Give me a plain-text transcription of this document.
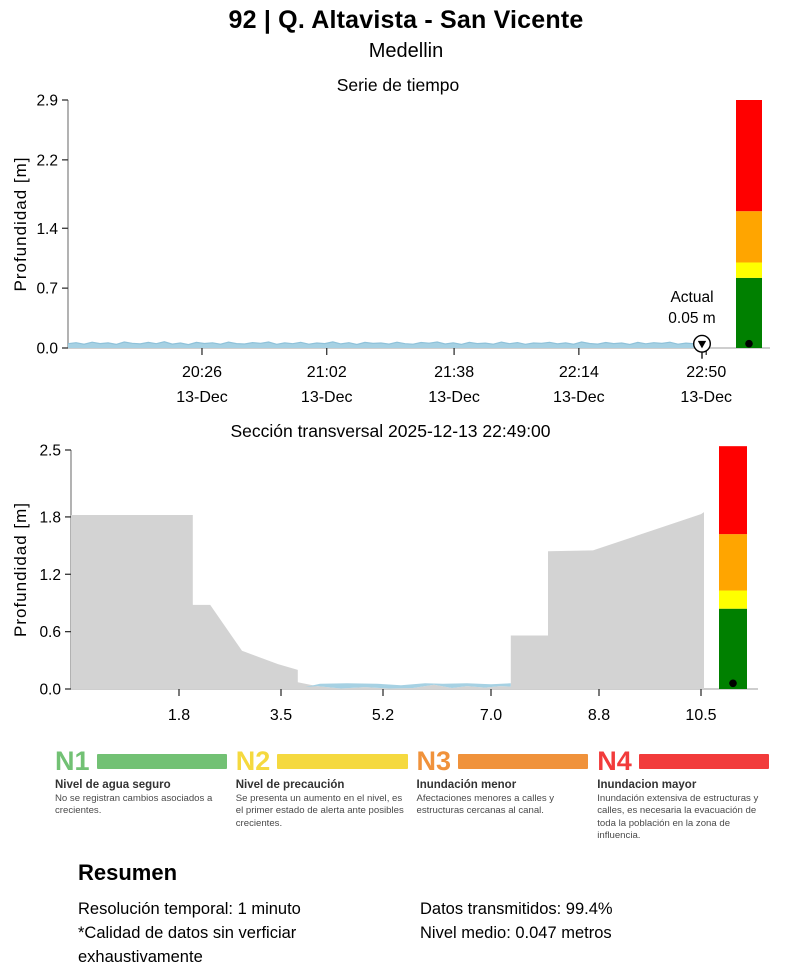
92 | Q. Altavista - San Vicente
Medellin
Serie de tiempo
0.0
0.7
1.4
2.2
2.9
Profundidad [m]
20:26
13-Dec
21:02
13-Dec
21:38
13-Dec
22:14
13-Dec
22:50
13-Dec
Actual
0.05 m
Sección transversal 2025-12-13 22:49:00
0.0
0.6
1.2
1.8
2.5
Profundidad [m]
1.8	3.5	5.2	7.0	8.8	10.5
N1
Nivel de agua seguro
No se registran cambios asociados a crecientes.
N2
Nivel de precaución
Se presenta un aumento en el nivel, es el primer estado de alerta ante posibles crecientes.
N3
Inundación menor
Afectaciones menores a calles y estructuras cercanas al canal.
N4
Inundacion mayor
Inundación extensiva de estructuras y calles, es necesaria la evacuación de toda la población en la zona de influencia.
Resumen
Resolución temporal: 1 minuto
*Calidad de datos sin verficiar
exhaustivamente
Datos transmitidos: 99.4%
Nivel medio: 0.047 metros
